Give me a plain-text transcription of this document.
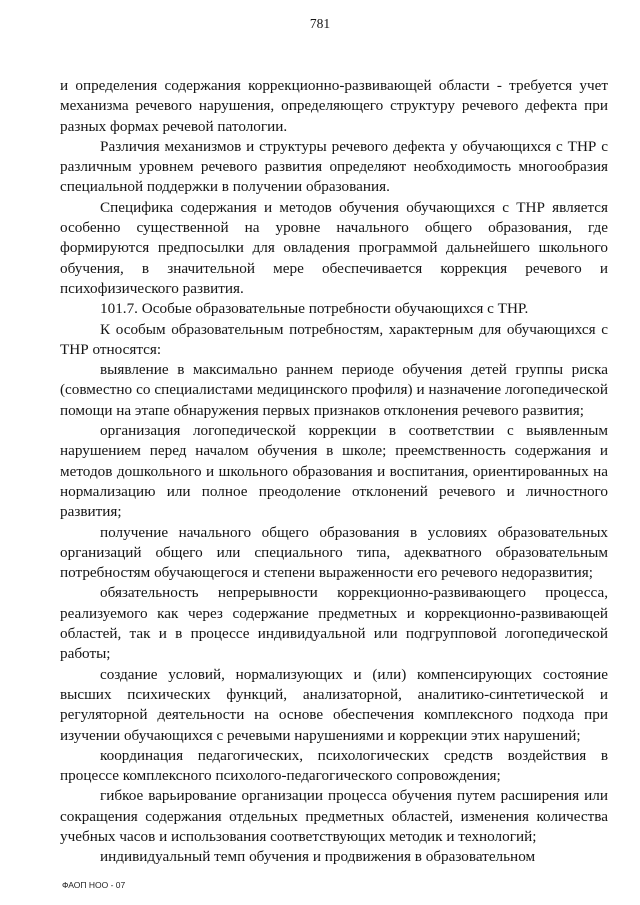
781

и определения содержания коррекционно-развивающей области - требуется учет механизма речевого нарушения, определяющего структуру речевого дефекта при разных формах речевой патологии.

Различия механизмов и структуры речевого дефекта у обучающихся с ТНР с различным уровнем речевого развития определяют необходимость многообразия специальной поддержки в получении образования.

Специфика содержания и методов обучения обучающихся с ТНР является особенно существенной на уровне начального общего образования, где формируются предпосылки для овладения программой дальнейшего школьного обучения, в значительной мере обеспечивается коррекция речевого и психофизического развития.

101.7. Особые образовательные потребности обучающихся с ТНР.

К особым образовательным потребностям, характерным для обучающихся с ТНР относятся:

выявление в максимально раннем периоде обучения детей группы риска (совместно со специалистами медицинского профиля) и назначение логопедической помощи на этапе обнаружения первых признаков отклонения речевого развития;

организация логопедической коррекции в соответствии с выявленным нарушением перед началом обучения в школе; преемственность содержания и методов дошкольного и школьного образования и воспитания, ориентированных на нормализацию или полное преодоление отклонений речевого и личностного развития;

получение начального общего образования в условиях образовательных организаций общего или специального типа, адекватного образовательным потребностям обучающегося и степени выраженности его речевого недоразвития;

обязательность непрерывности коррекционно-развивающего процесса, реализуемого как через содержание предметных и коррекционно-развивающей областей, так и в процессе индивидуальной или подгрупповой логопедической работы;

создание условий, нормализующих и (или) компенсирующих состояние высших психических функций, анализаторной, аналитико-синтетической и регуляторной деятельности на основе обеспечения комплексного подхода при изучении обучающихся с речевыми нарушениями и коррекции этих нарушений;

координация педагогических, психологических средств воздействия в процессе комплексного психолого-педагогического сопровождения;

гибкое варьирование организации процесса обучения путем расширения или сокращения содержания отдельных предметных областей, изменения количества учебных часов и использования соответствующих методик и технологий;

индивидуальный темп обучения и продвижения в образовательном

ФАОП НОО - 07
